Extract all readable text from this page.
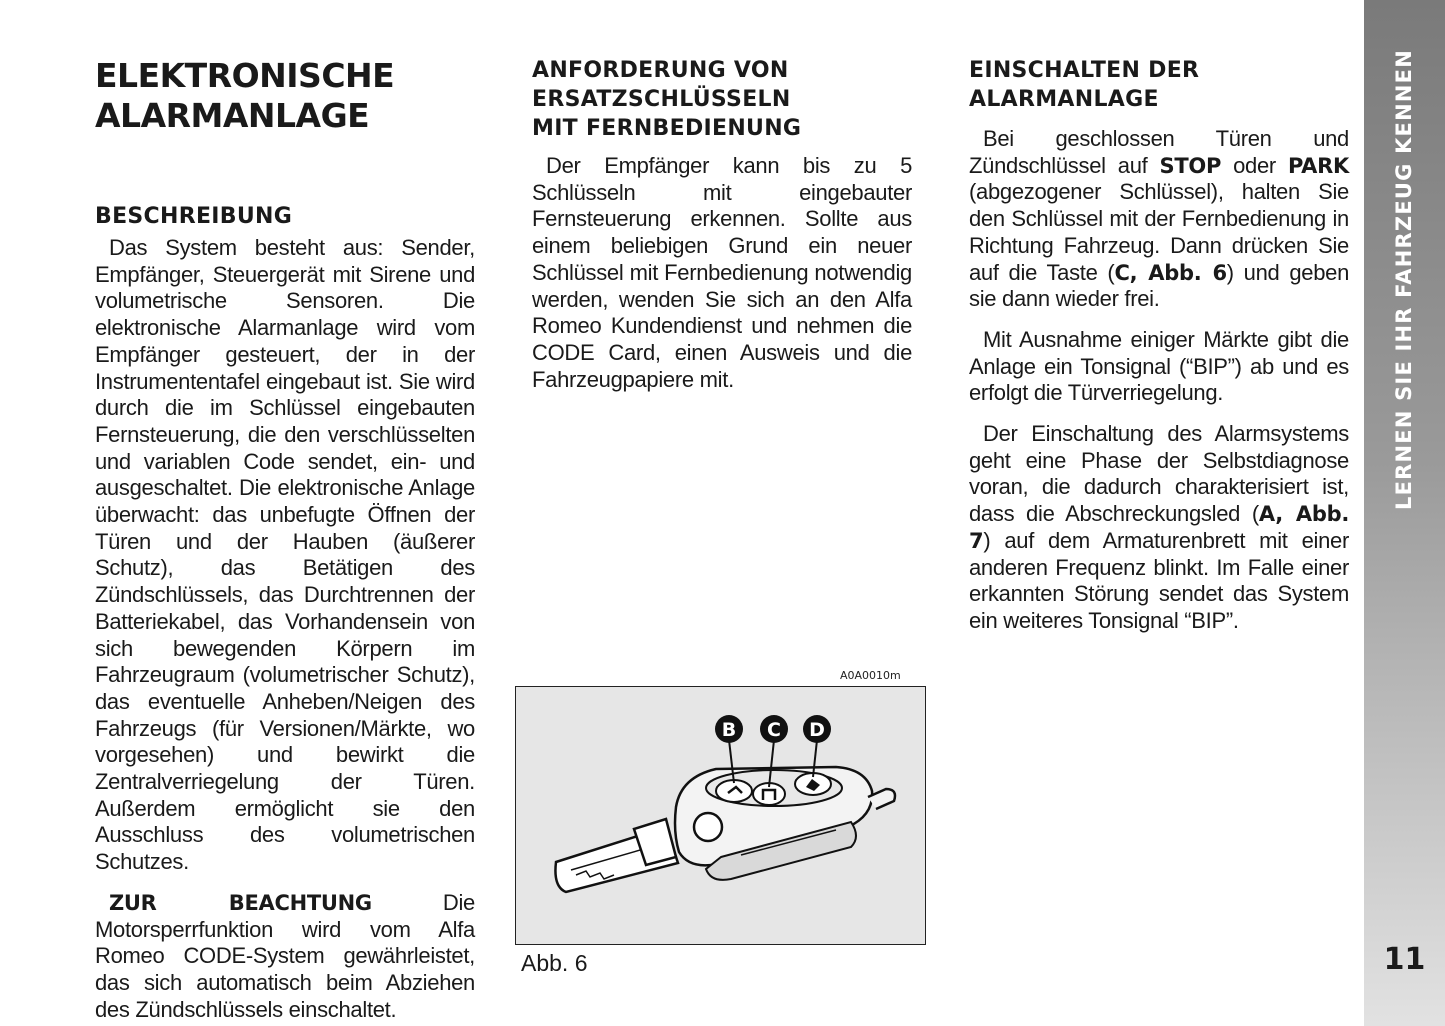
ELEKTRONISCHE
ALARMANLAGE
BESCHREIBUNG

Das System besteht aus: Sender, Empfänger, Steuergerät mit Sirene und volumetrische Sensoren. Die elektronische Alarmanlage wird vom Empfänger gesteuert, der in der Instrumententafel eingebaut ist. Sie wird durch die im Schlüssel eingebauten Fernsteuerung, die den verschlüsselten und variablen Code sendet, ein- und ausgeschaltet. Die elektronische Anlage überwacht: das unbefugte Öffnen der Türen und der Hauben (äußerer Schutz), das Betätigen des Zündschlüssels, das Durchtrennen der Batteriekabel, das Vorhandensein von sich bewegenden Körpern im Fahrzeugraum (volumetrischer Schutz), das eventuelle Anheben/Neigen des Fahrzeugs (für Versionen/Märkte, wo vorgesehen) und bewirkt die Zentralverriegelung der Türen. Außerdem ermöglicht sie den Ausschluss des volumetrischen Schutzes.

ZUR BEACHTUNG Die Motorsperrfunktion wird vom Alfa Romeo CODE-System gewährleistet, das sich automatisch beim Abziehen des Zündschlüssels einschaltet.

ANFORDERUNG VON
ERSATZSCHLÜSSELN
MIT FERNBEDIENUNG

Der Empfänger kann bis zu 5 Schlüsseln mit eingebauter Fernsteuerung erkennen. Sollte aus einem beliebigen Grund ein neuer Schlüssel mit Fernbedienung notwendig werden, wenden Sie sich an den Alfa Romeo Kundendienst und nehmen die CODE Card, einen Ausweis und die Fahrzeugpapiere mit.

EINSCHALTEN DER
ALARMANLAGE

Bei geschlossen Türen und Zündschlüssel auf STOP oder PARK (abgezogener Schlüssel), halten Sie den Schlüssel mit der Fernbedienung in Richtung Fahrzeug. Dann drücken Sie auf die Taste (C, Abb. 6) und geben sie dann wieder frei.

Mit Ausnahme einiger Märkte gibt die Anlage ein Tonsignal (“BIP”) ab und es erfolgt die Türverriegelung.

Der Einschaltung des Alarmsystems geht eine Phase der Selbstdiagnose voran, die dadurch charakterisiert ist, dass die Abschreckungsled (A, Abb. 7) auf dem Armaturenbrett mit einer anderen Frequenz blinkt. Im Falle einer erkannten Störung sendet das System ein weiteres Tonsignal “BIP”.

A0A0010m
B C D
Abb. 6
LERNEN SIE IHR FAHRZEUG KENNEN
11
